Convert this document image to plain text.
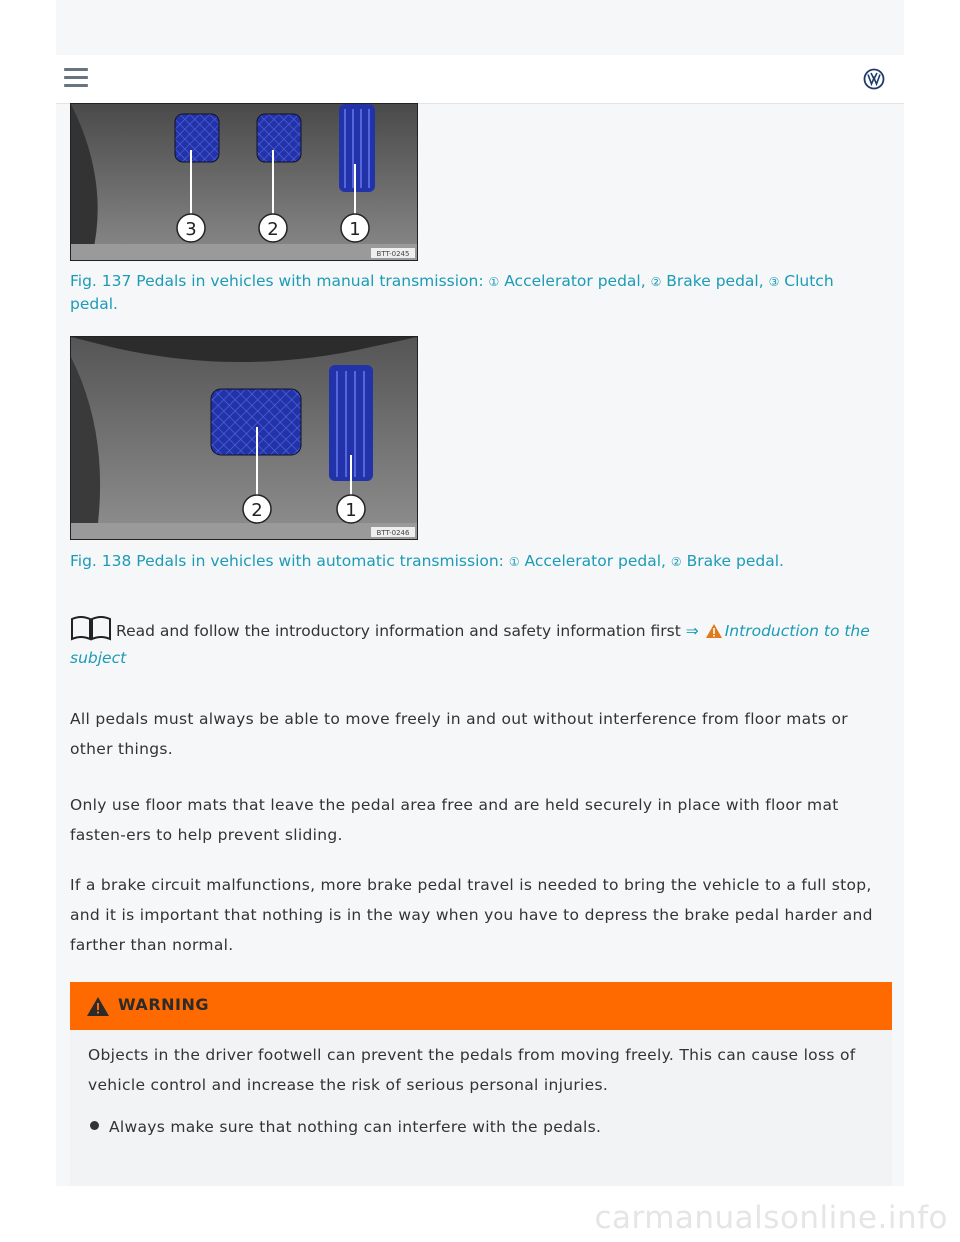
3	2	1
BTT-0245
Fig. 137 Pedals in vehicles with manual transmission: ① Accelerator pedal, ② Brake pedal, ③ Clutch pedal.
2	1
BTT-0246
Fig. 138 Pedals in vehicles with automatic transmission: ① Accelerator pedal, ② Brake pedal.
Read and follow the introductory information and safety information first ⇒ Introduction to the subject
All pedals must always be able to move freely in and out without interference from floor mats or other things.
Only use floor mats that leave the pedal area free and are held securely in place with floor mat fasten-ers to help prevent sliding.
If a brake circuit malfunctions, more brake pedal travel is needed to bring the vehicle to a full stop, and it is important that nothing is in the way when you have to depress the brake pedal harder and farther than normal.
WARNING
Objects in the driver footwell can prevent the pedals from moving freely. This can cause loss of vehicle control and increase the risk of serious personal injuries.
Always make sure that nothing can interfere with the pedals.
carmanualsonline.info
